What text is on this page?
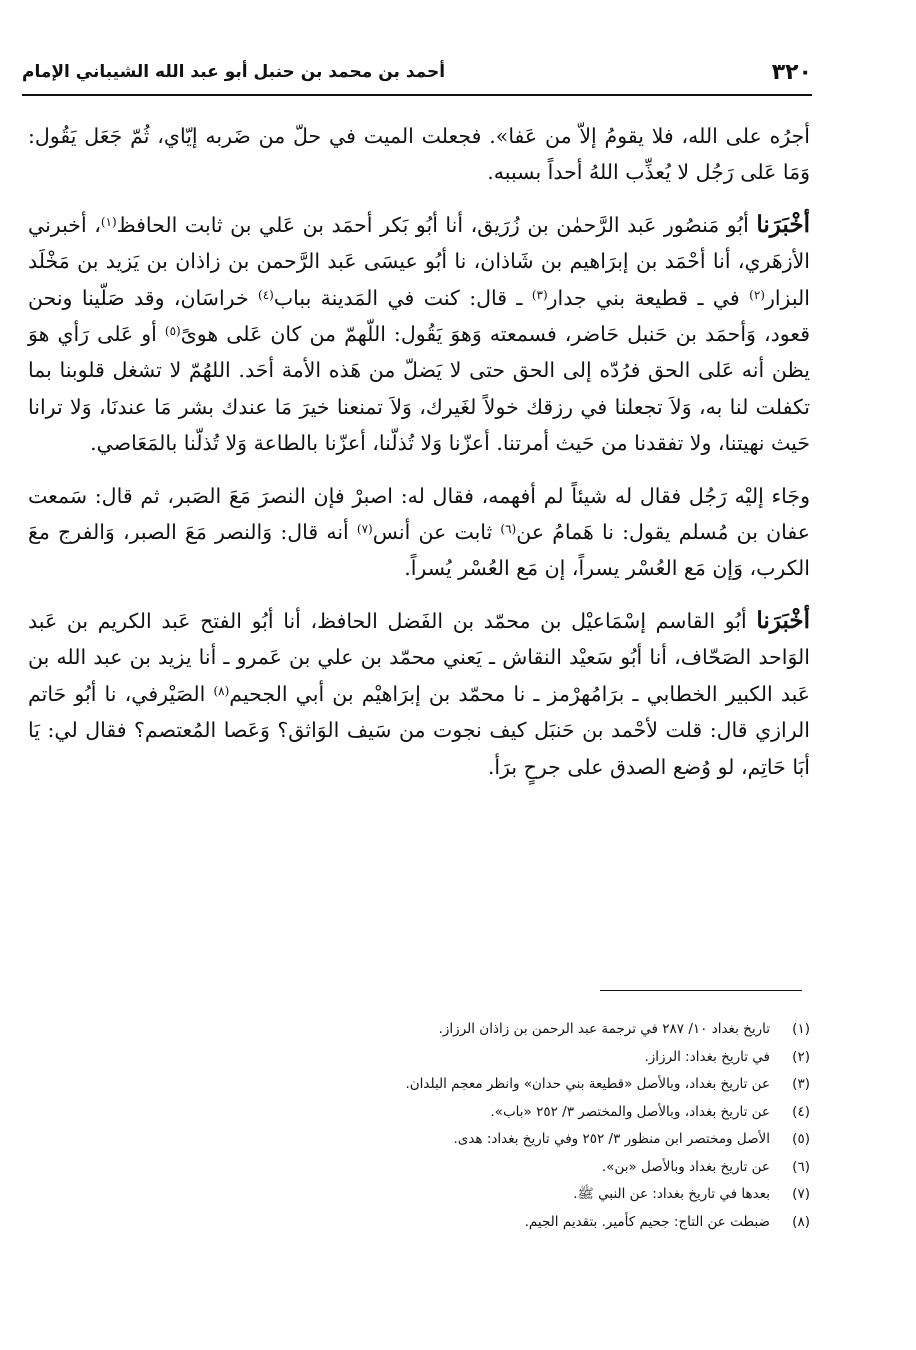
٣٢٠
أحمد بن محمد بن حنبل أبو عبد الله الشيباني الإمام

أجرُه على الله، فلا يقومُ إلاّ من عَفا». فجعلت الميت في حلّ من ضَربه إيّاي، ثُمّ جَعَل يَقُول: وَمَا عَلى رَجُل لا يُعذِّب اللهُ أحداً بسببه.

أخْبَرَنا أبُو مَنصُور عَبد الرَّحمٰن بن زُرَيق، أنا أبُو بَكر أحمَد بن عَلي بن ثابت الحافظ$^{(١)}$، أخبرني الأزهَري، أنا أحْمَد بن إبرَاهيم بن شَاذان، نا أبُو عيسَى عَبد الرَّحمن بن زاذان بن يَزيد بن مَخْلَد البزار$^{(٢)}$ في ـ قطيعة بني جدار$^{(٣)}$ ـ قال: كنت في المَدينة بباب$^{(٤)}$ خراسَان، وقد صَلّينا ونحن قعود، وَأحمَد بن حَنبل حَاضر، فسمعته وَهوَ يَقُول: اللّهمّ من كان عَلى هوىً$^{(٥)}$ أو عَلى رَأي هوَ يظن أنه عَلى الحق فرُدّه إلى الحق حتى لا يَضلّ من هَذه الأمة أحَد. اللهُمّ لا تشغل قلوبنا بما تكفلت لنا به، وَلاَ تجعلنا في رزقك خولاً لغَيرك، وَلاَ تمنعنا خيرَ مَا عندك بشر مَا عندنَا، وَلا ترانا حَيث نهيتنا، ولا تفقدنا من حَيث أمرتنا. أعزّنا وَلا تُذلّنا، أعزّنا بالطاعة وَلا تُذلّنا بالمَعَاصي.

وجَاء إليْه رَجُل فقال له شيئاً لم أفهمه، فقال له: اصبرْ فإن النصرَ مَعَ الصَبر، ثم قال: سَمعت عفان بن مُسلم يقول: نا هَمامُ عن$^{(٦)}$ ثابت عن أنس$^{(٧)}$ أنه قال: وَالنصر مَعَ الصبر، وَالفرج معَ الكرب، وَإن مَع العُسْر يسراً، إن مَع العُسْر يُسراً.

أخْبَرَنا أبُو القاسم إسْمَاعيْل بن محمّد بن الفَضل الحافظ، أنا أبُو الفتح عَبد الكريم بن عَبد الوَاحد الصَحّاف، أنا أبُو سَعيْد النقاش ـ يَعني محمّد بن علي بن عَمرو ـ أنا يزيد بن عبد الله بن عَبد الكبير الخطابي ـ برَامُهرْمز ـ نا محمّد بن إبرَاهيْم بن أبي الجحيم$^{(٨)}$ الصَيْرفي، نا أبُو حَاتم الرازي قال: قلت لأحْمد بن حَنبَل كيف نجوت من سَيف الوَاثق؟ وَعَصا المُعتصم؟ فقال لي: يَا أبَا حَاتِم، لو وُضع الصدق على جرحٍ برَأ.

(١)
تاريخ بغداد ١٠/ ٢٨٧ في ترجمة عبد الرحمن بن زاذان الرزاز.
(٢)
في تاريخ بغداد: الرزاز.
(٣)
عن تاريخ بغداد، وبالأصل «قطيعة بني حدان» وانظر معجم البلدان.
(٤)
عن تاريخ بغداد، وبالأصل والمختصر ٣/ ٢٥٢ «باب».
(٥)
الأصل ومختصر ابن منظور ٣/ ٢٥٢ وفي تاريخ بغداد: هدى.
(٦)
عن تاريخ بغداد وبالأصل «بن».
(٧)
بعدها في تاريخ بغداد: عن النبي ﷺ.
(٨)
ضبطت عن التاج: جحيم كأمير. بتقديم الجيم.
